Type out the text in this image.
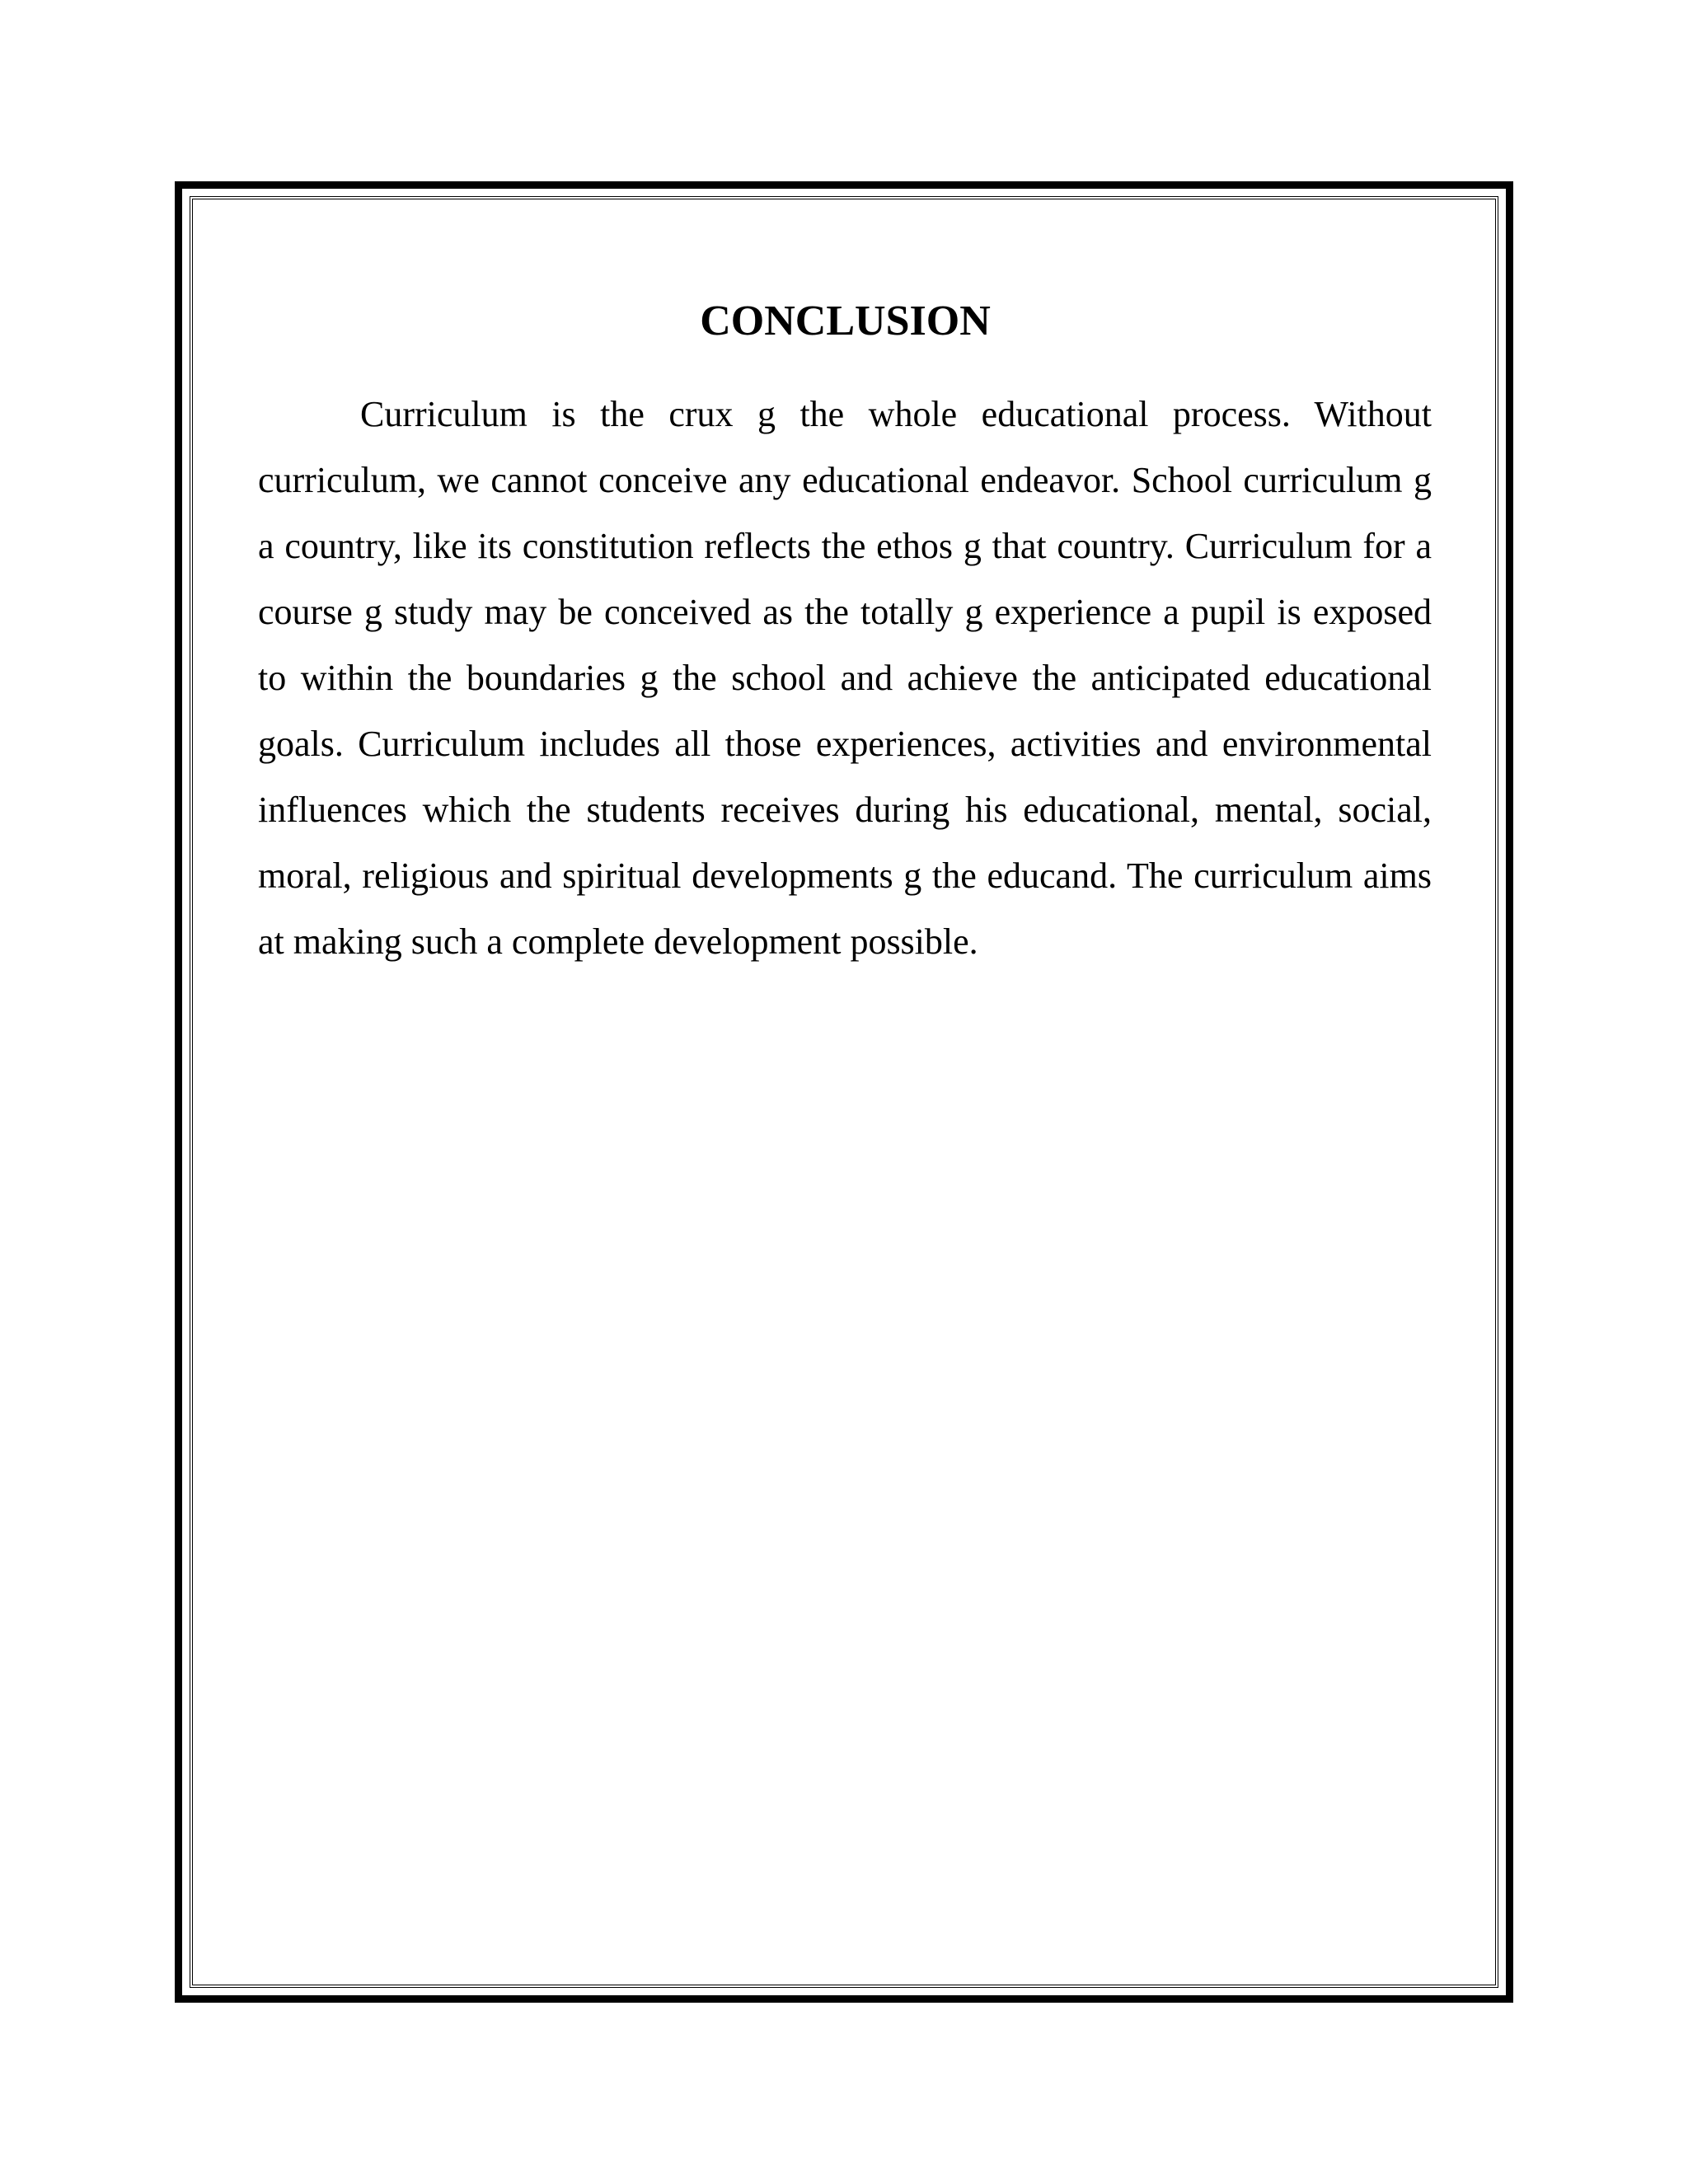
CONCLUSION

Curriculum is the crux g the whole educational process. Without curriculum, we cannot conceive any educational endeavor. School curriculum g a country, like its constitution reflects the ethos g that country. Curriculum for a course g study may be conceived as the totally g experience a pupil is exposed to within the boundaries g the school and achieve the anticipated educational goals. Curriculum includes all those experiences, activities and environmental influences which the students receives during his educational, mental, social, moral, religious and spiritual developments g the educand. The curriculum aims at making such a complete development possible.
